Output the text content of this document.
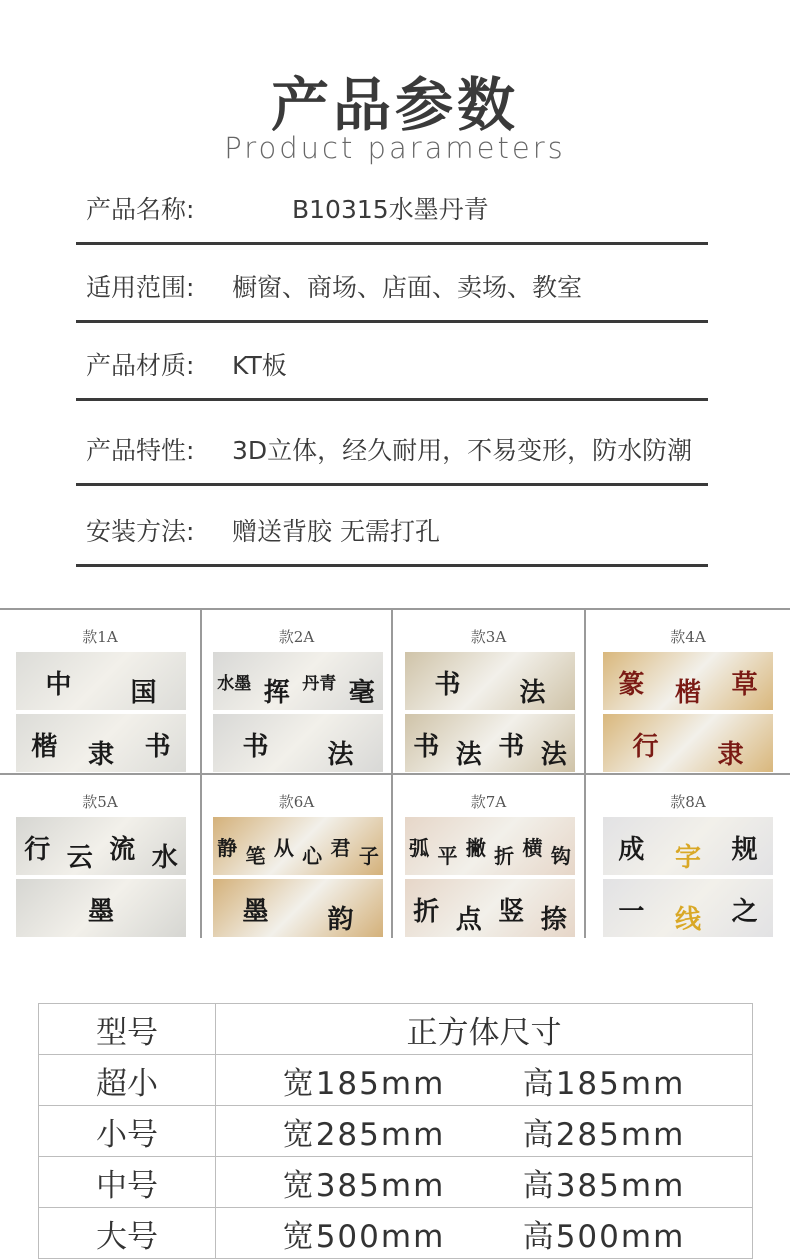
产品参数
Product parameters
产品名称:	B10315水墨丹青
适用范围: 橱窗、商场、店面、卖场、教室
产品材质: KT板
产品特性: 3D立体，经久耐用，不易变形，防水防潮
安装方法: 赠送背胶 无需打孔
款1A
中 国
楷 隶 书
款2A
水墨 挥 丹青 毫
书 法
款3A
书 法
书 法 书 法
款4A
篆 楷 草
行 隶
款5A
行 云 流 水
墨
款6A
静 笔 从 心 君 子
墨 韵
款7A
弧 平 撇 折 横 钩
折 点 竖 捺
款8A
成 字 规
一 线 之
型号	正方体尺寸
超小	宽185mm 高185mm
小号	宽285mm 高285mm
中号	宽385mm 高385mm
大号	宽500mm 高500mm
